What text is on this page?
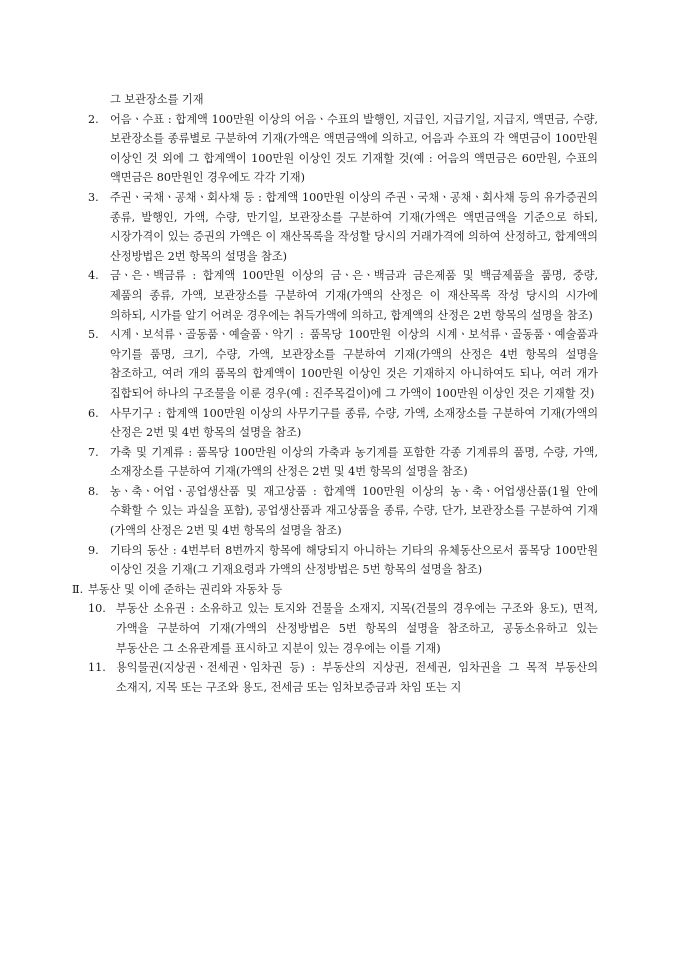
그 보관장소를 기재
2.	어음ㆍ수표 : 합계액 100만원 이상의 어음ㆍ수표의 발행인, 지급인, 지급기일, 지급지, 액면금, 수량, 보관장소를 종류별로 구분하여 기재(가액은 액면금액에 의하고, 어음과 수표의 각 액면금이 100만원 이상인 것 외에 그 합계액이 100만원 이상인 것도 기재할 것(예 : 어음의 액면금은 60만원, 수표의 액면금은 80만원인 경우에도 각각 기재)
3.	주권ㆍ국채ㆍ공채ㆍ회사채 등 : 합계액 100만원 이상의 주권ㆍ국채ㆍ공채ㆍ회사채 등의 유가증권의 종류, 발행인, 가액, 수량, 만기일, 보관장소를 구분하여 기재(가액은 액면금액을 기준으로 하되, 시장가격이 있는 증권의 가액은 이 재산목록을 작성할 당시의 거래가격에 의하여 산정하고, 합계액의 산정방법은 2번 항목의 설명을 참조)
4.	금ㆍ은ㆍ백금류 : 합계액 100만원 이상의 금ㆍ은ㆍ백금과 금은제품 및 백금제품을 품명, 중량, 제품의 종류, 가액, 보관장소를 구분하여 기재(가액의 산정은 이 재산목록 작성 당시의 시가에 의하되, 시가를 알기 어려운 경우에는 취득가액에 의하고, 합계액의 산정은 2번 항목의 설명을 참조)
5.	시계ㆍ보석류ㆍ골동품ㆍ예술품ㆍ악기 : 품목당 100만원 이상의 시계ㆍ보석류ㆍ골동품ㆍ예술품과 악기를 품명, 크기, 수량, 가액, 보관장소를 구분하여 기재(가액의 산정은 4번 항목의 설명을 참조하고, 여러 개의 품목의 합계액이 100만원 이상인 것은 기재하지 아니하여도 되나, 여러 개가 집합되어 하나의 구조물을 이룬 경우(예 : 진주목걸이)에 그 가액이 100만원 이상인 것은 기재할 것)
6.	사무기구 : 합계액 100만원 이상의 사무기구를 종류, 수량, 가액, 소재장소를 구분하여 기재(가액의 산정은 2번 및 4번 항목의 설명을 참조)
7.	가축 및 기계류 : 품목당 100만원 이상의 가축과 농기계를 포함한 각종 기계류의 품명, 수량, 가액, 소재장소를 구분하여 기재(가액의 산정은 2번 및 4번 항목의 설명을 참조)
8.	농ㆍ축ㆍ어업ㆍ공업생산품 및 재고상품 : 합계액 100만원 이상의 농ㆍ축ㆍ어업생산품(1월 안에 수확할 수 있는 과실을 포함), 공업생산품과 재고상품을 종류, 수량, 단가, 보관장소를 구분하여 기재(가액의 산정은 2번 및 4번 항목의 설명을 참조)
9.	기타의 동산 : 4번부터 8번까지 항목에 해당되지 아니하는 기타의 유체동산으로서 품목당 100만원 이상인 것을 기재(그 기재요령과 가액의 산정방법은 5번 항목의 설명을 참조)
Ⅱ. 부동산 및 이에 준하는 권리와 자동차 등
10. 부동산 소유권 : 소유하고 있는 토지와 건물을 소재지, 지목(건물의 경우에는 구조와 용도), 면적, 가액을 구분하여 기재(가액의 산정방법은 5번 항목의 설명을 참조하고, 공동소유하고 있는 부동산은 그 소유관계를 표시하고 지분이 있는 경우에는 이를 기재)
11. 용익물권(지상권ㆍ전세권ㆍ임차권 등) : 부동산의 지상권, 전세권, 임차권을 그 목적 부동산의 소재지, 지목 또는 구조와 용도, 전세금 또는 임차보증금과 차임 또는 지
